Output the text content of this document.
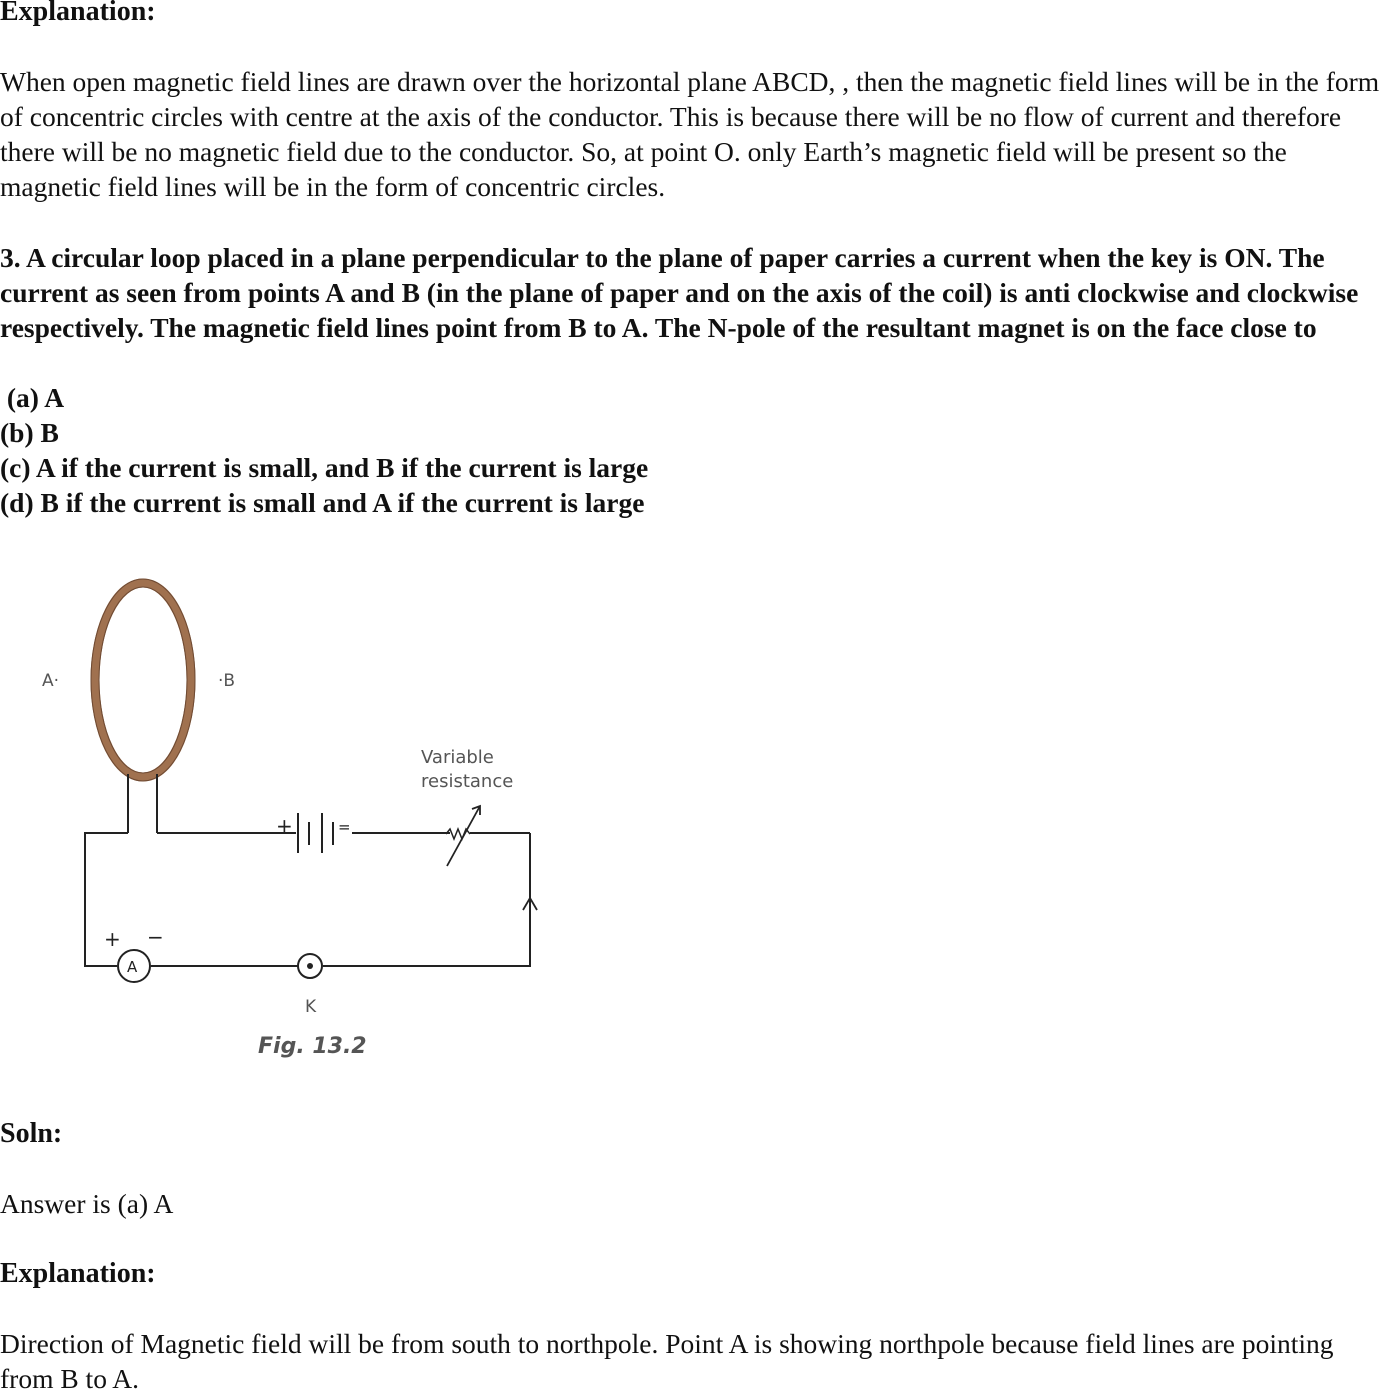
Explanation:

When open magnetic field lines are drawn over the horizontal plane ABCD, , then the magnetic field lines will be in the form of concentric circles with centre at the axis of the conductor. This is because there will be no flow of current and therefore there will be no magnetic field due to the conductor. So, at point O. only Earth’s magnetic field will be present so the magnetic field lines will be in the form of concentric circles.

3. A circular loop placed in a plane perpendicular to the plane of paper carries a current when the key is ON. The current as seen from points A and B (in the plane of paper and on the axis of the coil) is anti clockwise and clockwise respectively. The magnetic field lines point from B to A. The N-pole of the resultant magnet is on the face close to

(a) A
(b) B
(c) A if the current is small, and B if the current is large
(d) B if the current is small and A if the current is large
A·	·B
+	=
Variable
resistance
A
+ −
K
Fig. 13.2
Soln:
Answer is (a) A
Explanation:

Direction of Magnetic field will be from south to northpole. Point A is showing northpole because field lines are pointing from B to A.
